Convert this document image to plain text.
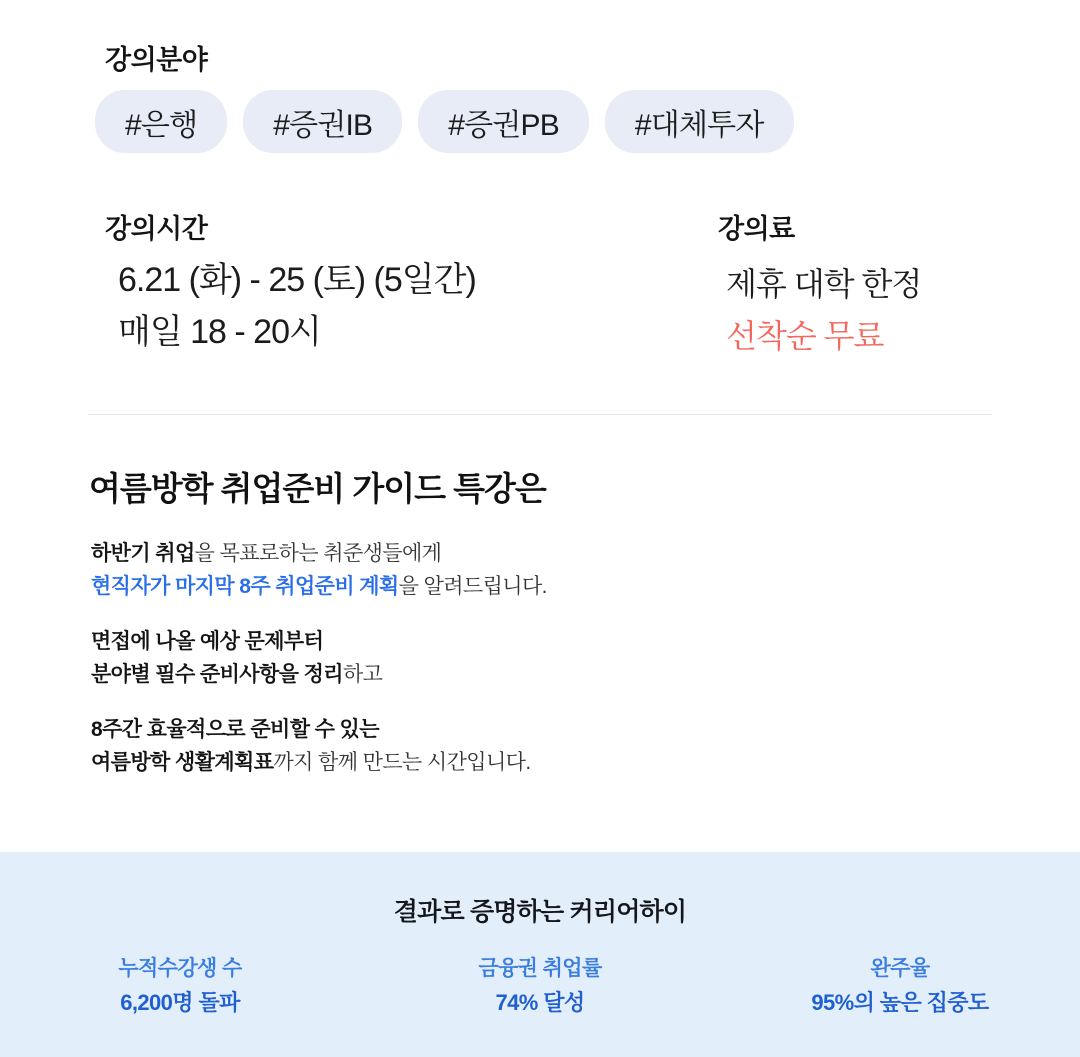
강의분야
#은행	#증권IB	#증권PB	#대체투자
강의시간
6.21 (화) - 25 (토) (5일간)
매일 18 - 20시
강의료
제휴 대학 한정
선착순 무료
여름방학 취업준비 가이드 특강은
하반기 취업을 목표로하는 취준생들에게
현직자가 마지막 8주 취업준비 계획을 알려드립니다.
면접에 나올 예상 문제부터
분야별 필수 준비사항을 정리하고
8주간 효율적으로 준비할 수 있는
여름방학 생활계획표까지 함께 만드는 시간입니다.
결과로 증명하는 커리어하이
누적수강생 수
6,200명 돌파
금융권 취업률
74% 달성
완주율
95%의 높은 집중도
